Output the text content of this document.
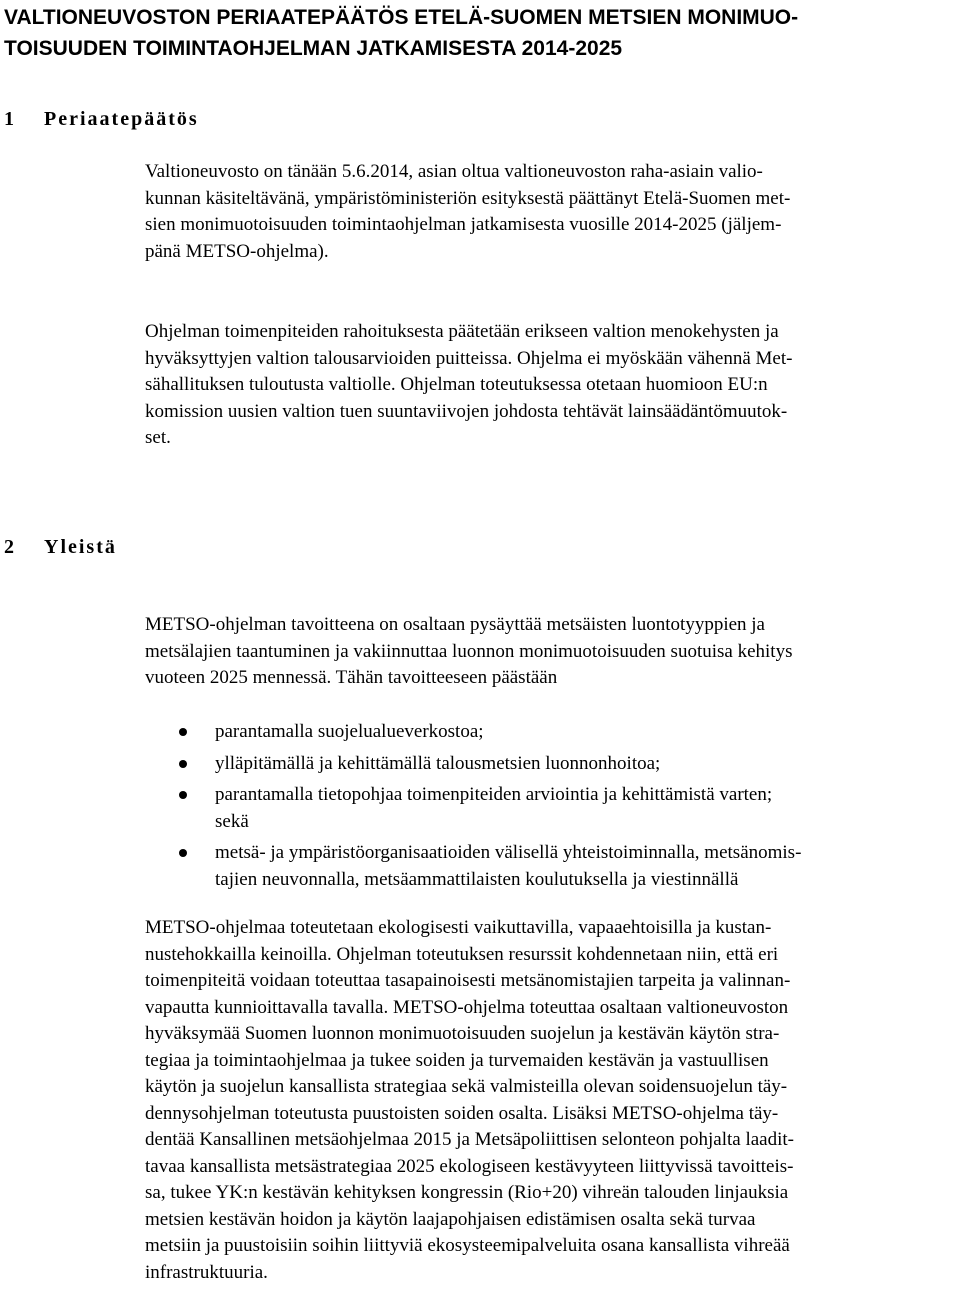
VALTIONEUVOSTON PERIAATEPÄÄTÖS ETELÄ-SUOMEN METSIEN MONIMUO-
TOISUUDEN TOIMINTAOHJELMAN JATKAMISESTA 2014-2025
1 Periaatepäätös

Valtioneuvosto on tänään 5.6.2014, asian oltua valtioneuvoston raha-asiain valio-
kunnan käsiteltävänä, ympäristöministeriön esityksestä päättänyt Etelä-Suomen met-
sien monimuotoisuuden toimintaohjelman jatkamisesta vuosille 2014-2025 (jäljem-
pänä METSO-ohjelma).

Ohjelman toimenpiteiden rahoituksesta päätetään erikseen valtion menokehysten ja
hyväksyttyjen valtion talousarvioiden puitteissa. Ohjelma ei myöskään vähennä Met-
sähallituksen tuloutusta valtiolle. Ohjelman toteutuksessa otetaan huomioon EU:n
komission uusien valtion tuen suuntaviivojen johdosta tehtävät lainsäädäntömuutok-
set.

2 Yleistä

METSO-ohjelman tavoitteena on osaltaan pysäyttää metsäisten luontotyyppien ja
metsälajien taantuminen ja vakiinnuttaa luonnon monimuotoisuuden suotuisa kehitys
vuoteen 2025 mennessä. Tähän tavoitteeseen päästään

parantamalla suojelualueverkostoa;
ylläpitämällä ja kehittämällä talousmetsien luonnonhoitoa;
parantamalla tietopohjaa toimenpiteiden arviointia ja kehittämistä varten;
sekä
metsä- ja ympäristöorganisaatioiden välisellä yhteistoiminnalla, metsänomis-
tajien neuvonnalla, metsäammattilaisten koulutuksella ja viestinnällä

METSO-ohjelmaa toteutetaan ekologisesti vaikuttavilla, vapaaehtoisilla ja kustan-
nustehokkailla keinoilla. Ohjelman toteutuksen resurssit kohdennetaan niin, että eri
toimenpiteitä voidaan toteuttaa tasapainoisesti metsänomistajien tarpeita ja valinnan-
vapautta kunnioittavalla tavalla. METSO-ohjelma toteuttaa osaltaan valtioneuvoston
hyväksymää Suomen luonnon monimuotoisuuden suojelun ja kestävän käytön stra-
tegiaa ja toimintaohjelmaa ja tukee soiden ja turvemaiden kestävän ja vastuullisen
käytön ja suojelun kansallista strategiaa sekä valmisteilla olevan soidensuojelun täy-
dennysohjelman toteutusta puustoisten soiden osalta. Lisäksi METSO-ohjelma täy-
dentää Kansallinen metsäohjelmaa 2015 ja Metsäpoliittisen selonteon pohjalta laadit-
tavaa kansallista metsästrategiaa 2025 ekologiseen kestävyyteen liittyvissä tavoitteis-
sa, tukee YK:n kestävän kehityksen kongressin (Rio+20) vihreän talouden linjauksia
metsien kestävän hoidon ja käytön laajapohjaisen edistämisen osalta sekä turvaa
metsiin ja puustoisiin soihin liittyviä ekosysteemipalveluita osana kansallista vihreää
infrastruktuuria.
